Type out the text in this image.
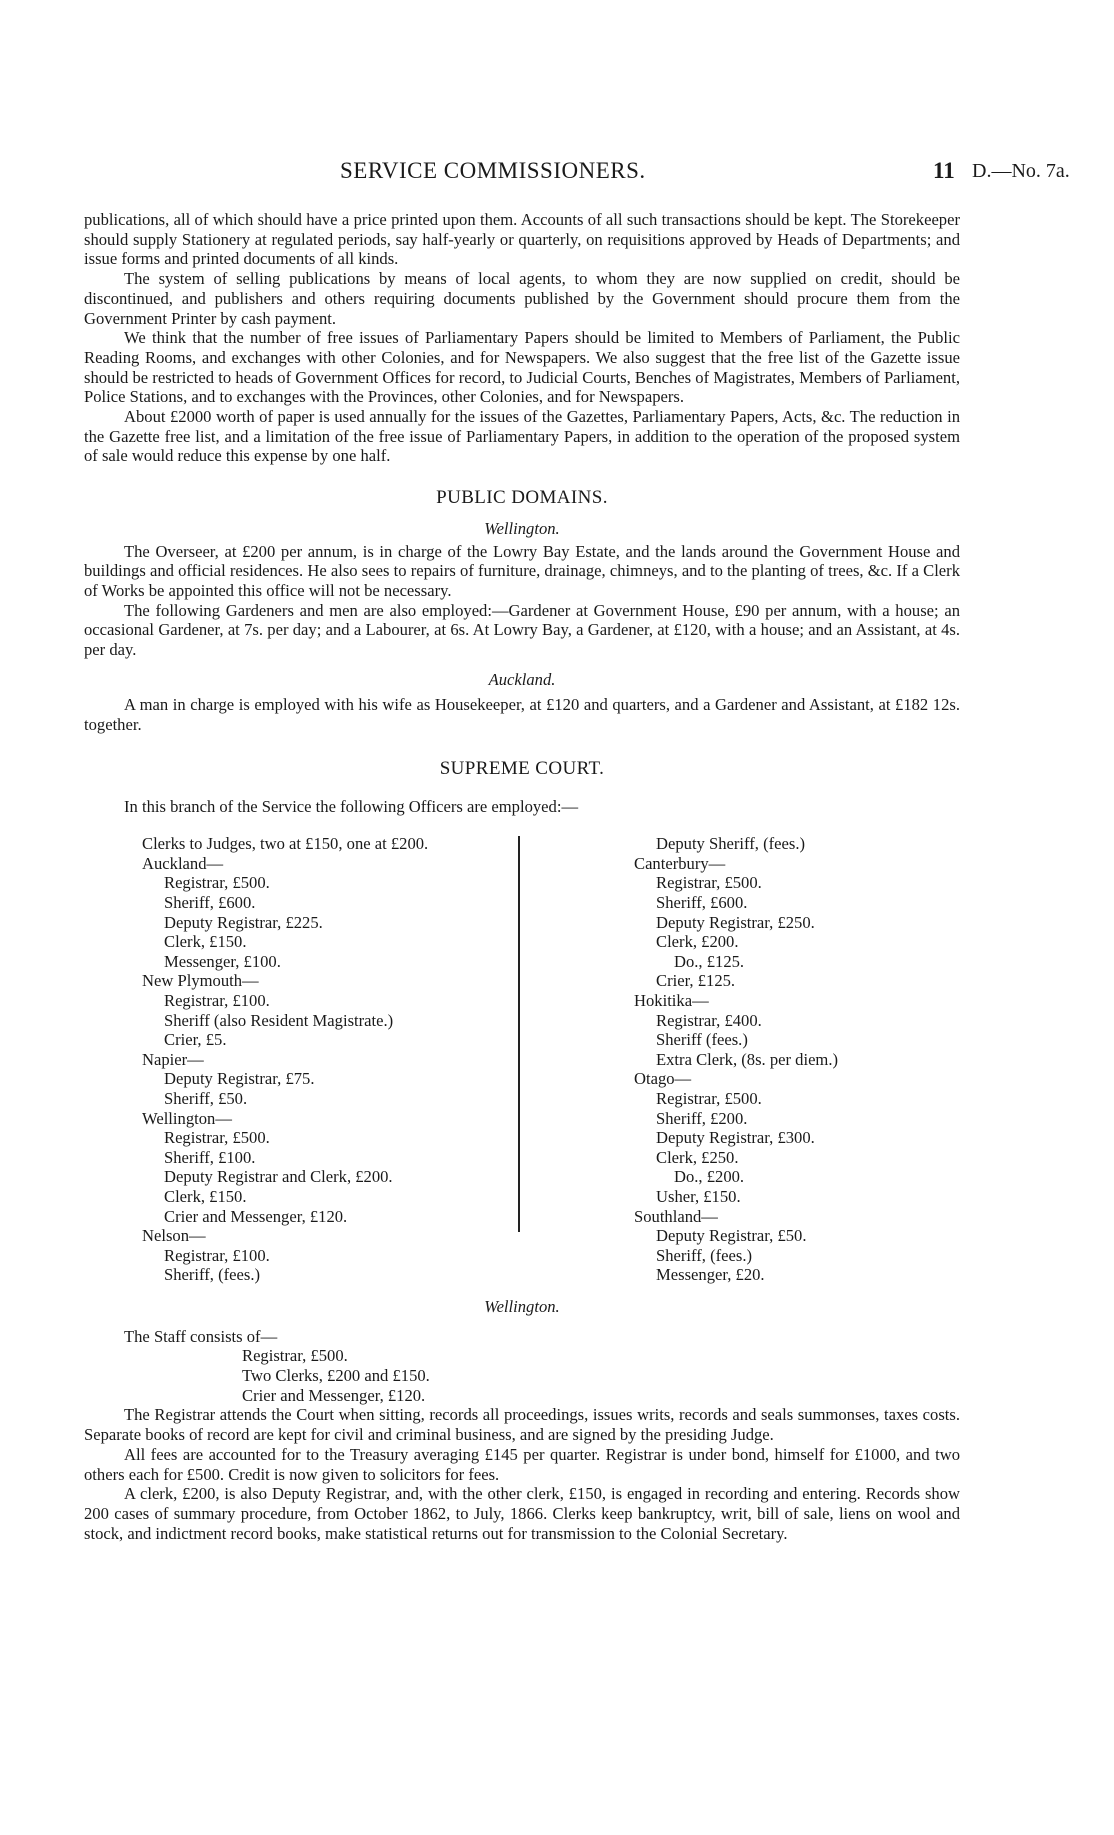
SERVICE COMMISSIONERS.	11 D.—No. 7a.

publications, all of which should have a price printed upon them. Accounts of all such transactions should be kept. The Storekeeper should supply Stationery at regulated periods, say half-yearly or quarterly, on requisitions approved by Heads of Departments; and issue forms and printed documents of all kinds.

The system of selling publications by means of local agents, to whom they are now supplied on credit, should be discontinued, and publishers and others requiring documents published by the Government should procure them from the Government Printer by cash payment.

We think that the number of free issues of Parliamentary Papers should be limited to Members of Parliament, the Public Reading Rooms, and exchanges with other Colonies, and for Newspapers. We also suggest that the free list of the Gazette issue should be restricted to heads of Government Offices for record, to Judicial Courts, Benches of Magistrates, Members of Parliament, Police Stations, and to exchanges with the Provinces, other Colonies, and for Newspapers.

About £2000 worth of paper is used annually for the issues of the Gazettes, Parliamentary Papers, Acts, &c. The reduction in the Gazette free list, and a limitation of the free issue of Parliamentary Papers, in addition to the operation of the proposed system of sale would reduce this expense by one half.

PUBLIC DOMAINS.

Wellington.

The Overseer, at £200 per annum, is in charge of the Lowry Bay Estate, and the lands around the Government House and buildings and official residences. He also sees to repairs of furniture, drainage, chimneys, and to the planting of trees, &c. If a Clerk of Works be appointed this office will not be necessary.

The following Gardeners and men are also employed:—Gardener at Government House, £90 per annum, with a house; an occasional Gardener, at 7s. per day; and a Labourer, at 6s. At Lowry Bay, a Gardener, at £120, with a house; and an Assistant, at 4s. per day.

Auckland.

A man in charge is employed with his wife as Housekeeper, at £120 and quarters, and a Gardener and Assistant, at £182 12s. together.

SUPREME COURT.

In this branch of the Service the following Officers are employed:—

Clerks to Judges, two at £150, one at £200.
Auckland—
Registrar, £500.
Sheriff, £600.
Deputy Registrar, £225.
Clerk, £150.
Messenger, £100.
New Plymouth—
Registrar, £100.
Sheriff (also Resident Magistrate.)
Crier, £5.
Napier—
Deputy Registrar, £75.
Sheriff, £50.
Wellington—
Registrar, £500.
Sheriff, £100.
Deputy Registrar and Clerk, £200.
Clerk, £150.
Crier and Messenger, £120.
Nelson—
Registrar, £100.
Sheriff, (fees.)
Deputy Sheriff, (fees.)
Canterbury—
Registrar, £500.
Sheriff, £600.
Deputy Registrar, £250.
Clerk, £200.
Do., £125.
Crier, £125.
Hokitika—
Registrar, £400.
Sheriff (fees.)
Extra Clerk, (8s. per diem.)
Otago—
Registrar, £500.
Sheriff, £200.
Deputy Registrar, £300.
Clerk, £250.
Do., £200.
Usher, £150.
Southland—
Deputy Registrar, £50.
Sheriff, (fees.)
Messenger, £20.

Wellington.

The Staff consists of—

Registrar, £500.
Two Clerks, £200 and £150.
Crier and Messenger, £120.

The Registrar attends the Court when sitting, records all proceedings, issues writs, records and seals summonses, taxes costs. Separate books of record are kept for civil and criminal business, and are signed by the presiding Judge.

All fees are accounted for to the Treasury averaging £145 per quarter. Registrar is under bond, himself for £1000, and two others each for £500. Credit is now given to solicitors for fees.

A clerk, £200, is also Deputy Registrar, and, with the other clerk, £150, is engaged in recording and entering. Records show 200 cases of summary procedure, from October 1862, to July, 1866. Clerks keep bankruptcy, writ, bill of sale, liens on wool and stock, and indictment record books, make statistical returns out for transmission to the Colonial Secretary.
